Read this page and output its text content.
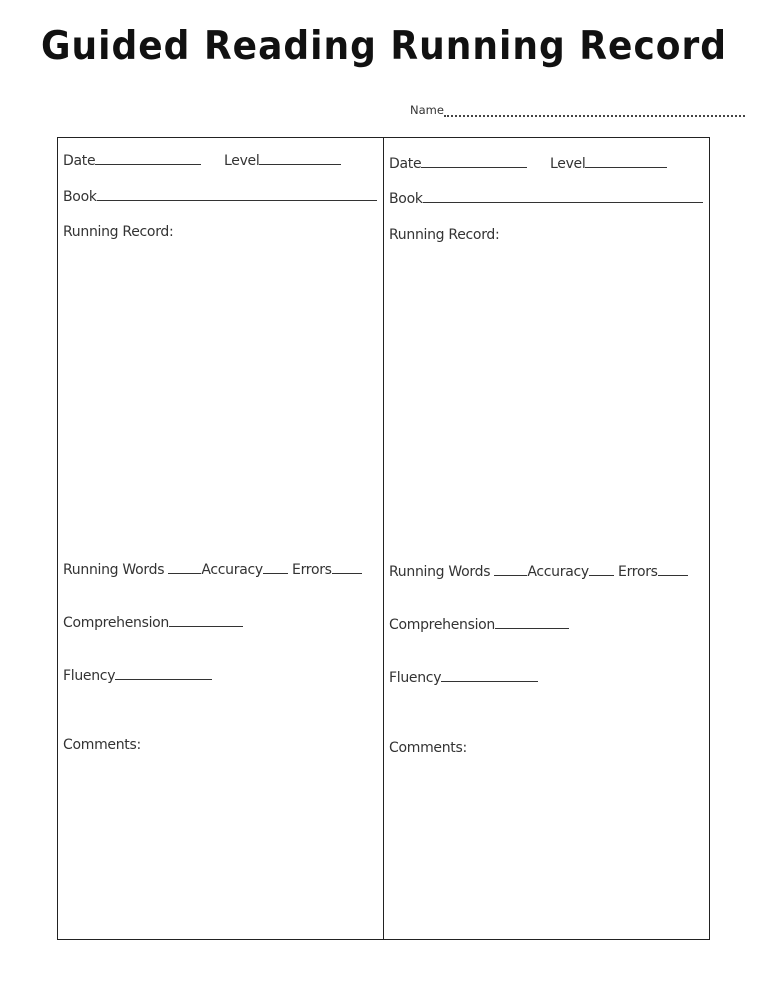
Guided Reading Running Record
Name
Date	Level
Book
Running Record:
Running Words	Accuracy Errors
Comprehension
Fluency
Comments:
Date	Level
Book
Running Record:
Running Words	Accuracy Errors
Comprehension
Fluency
Comments:
